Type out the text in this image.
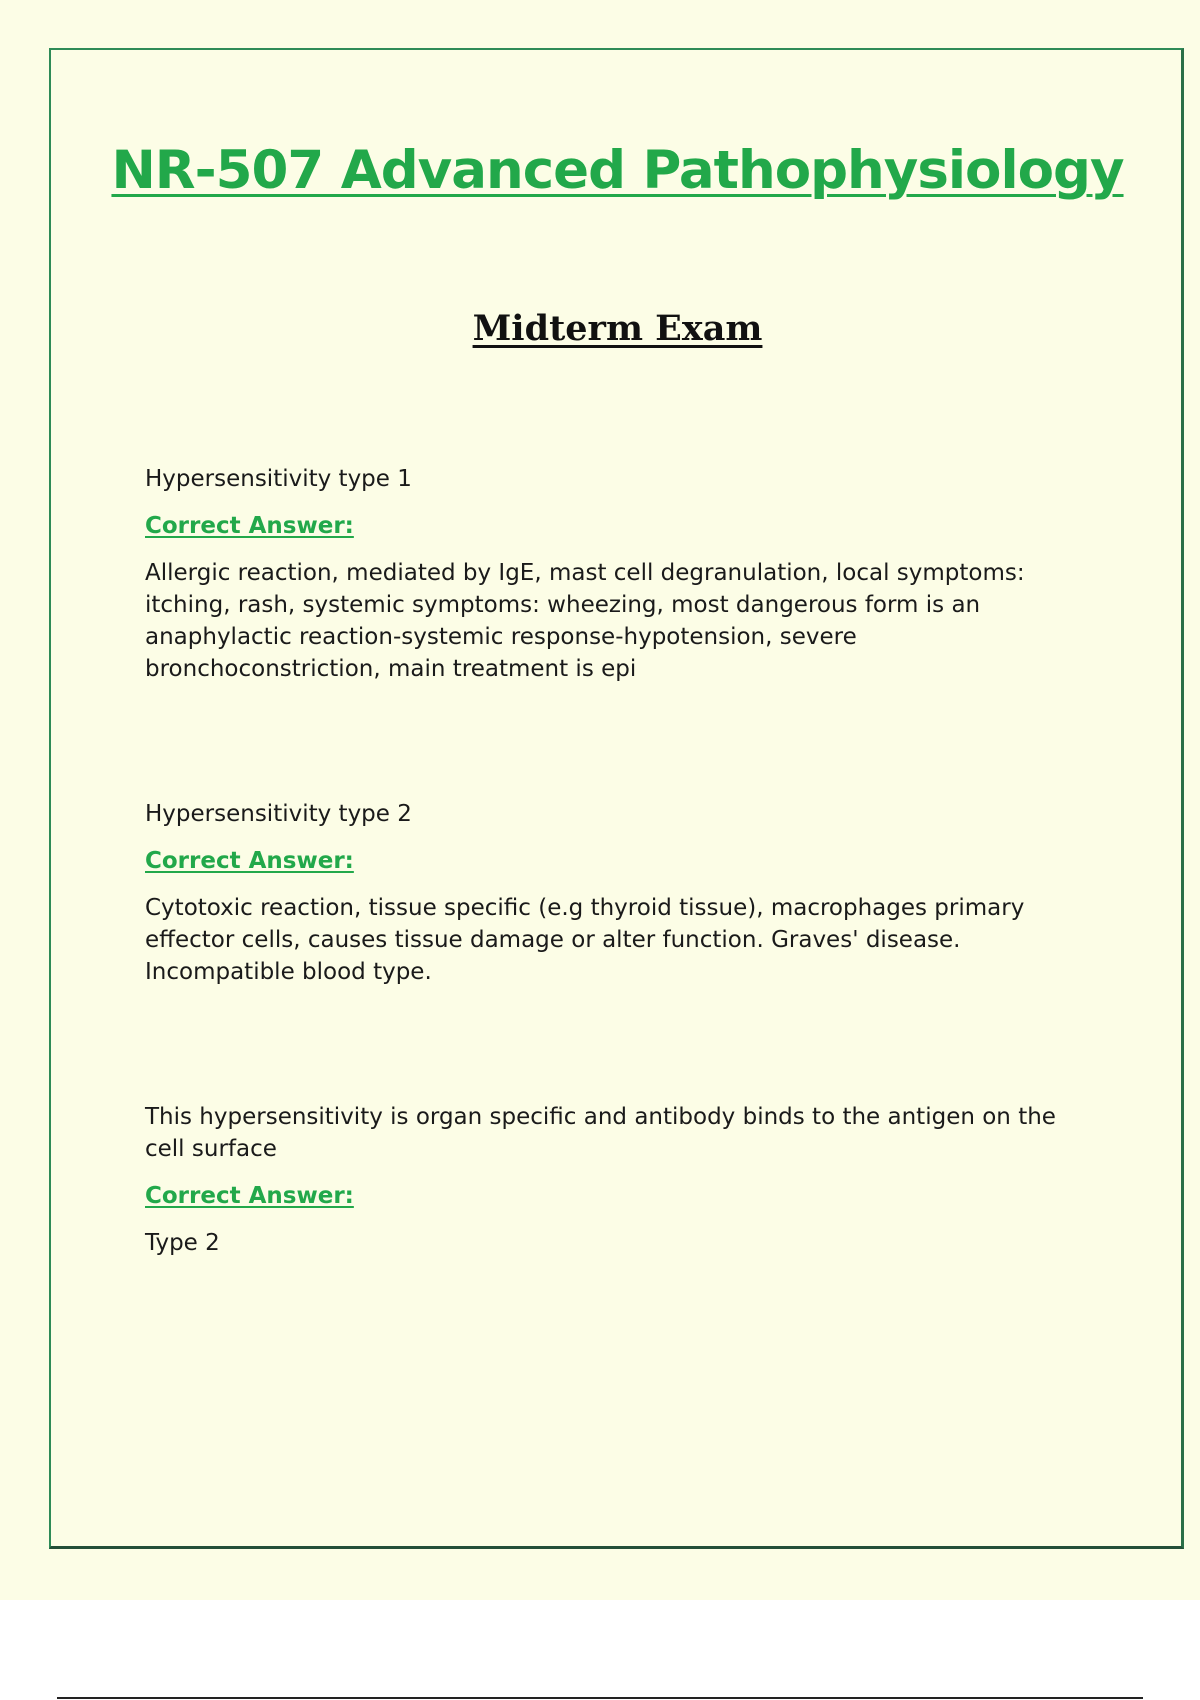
NR-507 Advanced Pathophysiology
Midterm Exam

Hypersensitivity type 1

Correct Answer:

Allergic reaction, mediated by IgE, mast cell degranulation, local symptoms: itching, rash, systemic symptoms: wheezing, most dangerous form is an anaphylactic reaction-systemic response-hypotension, severe bronchoconstriction, main treatment is epi

Hypersensitivity type 2

Correct Answer:

Cytotoxic reaction, tissue specific (e.g thyroid tissue), macrophages primary effector cells, causes tissue damage or alter function. Graves' disease. Incompatible blood type.

This hypersensitivity is organ specific and antibody binds to the antigen on the cell surface

Correct Answer:

Type 2
